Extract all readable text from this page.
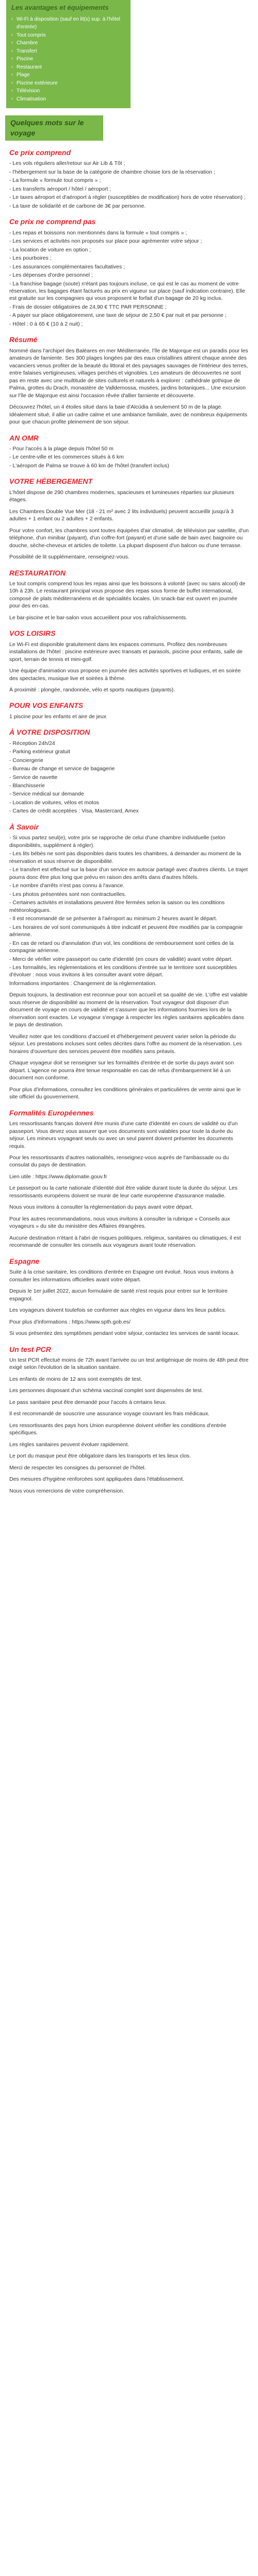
Les avantages et équipements
› Wi-Fi à disposition (sauf en lit(s) sup. à l'hôtel d'entrée)
› Tout compris
› Chambre
› Transfert
› Piscine
› Restaurant
› Plage
› Piscine extérieure
› Télévision
› Climatisation
Quelques mots sur le voyage
Ce prix comprend

- Les vols réguliers aller/retour sur Air Lib & Tôt ;

- l'hébergement sur la base de la catégorie de chambre choisie lors de la réservation ;

- La formule « formule tout compris » ;

- Les transferts aéroport / hôtel / aéroport ;

- Le taxes aéroport et d'aéroport à régler (susceptibles de modification) hors de votre réservation) ;

- La taxe de solidarité et de carbone de 3€ par personne.

Ce prix ne comprend pas

- Les repas et boissons non mentionnés dans la formule « tout compris » ;

- Les services et activités non proposés sur place pour agrémenter votre séjour ;

- La location de voiture en option ;

- Les pourboires ;

- Les assurances complémentaires facultatives ;

- Les dépenses d'ordre personnel ;

- La franchise bagage (soute) n'étant pas toujours incluse, ce qui est le cas au moment de votre réservation, les bagages étant facturés au prix en vigueur sur place (sauf indication contraire). Elle est gratuite sur les compagnies qui vous proposent le forfait d'un bagage de 20 kg inclus.

- Frais de dossier obligatoires de 24,90 € TTC PAR PERSONNE ;

- A payer sur place obligatoirement, une taxe de séjour de 2,50 € par nuit et par personne ;

- Hôtel : 0 à 65 € (10 à 2 nuit) ;

Résumé

Nommé dans l'archipel des Baléares en mer Méditerranée, l'île de Majorque est un paradis pour les amateurs de farniente. Ses 300 plages longées par des eaux cristallines attirent chaque année des vacanciers venus profiter de la beauté du littoral et des paysages sauvages de l'intérieur des terres, entre falaises vertigineuses, villages perchés et vignobles. Les amateurs de découvertes ne sont pas en reste avec une multitude de sites culturels et naturels à explorer : cathédrale gothique de Palma, grottes du Drach, monastère de Valldemossa, musées, jardins botaniques... Une excursion sur l'île de Majorque est ainsi l'occasion rêvée d'allier farniente et découverte.

Découvrez l'hôtel, un 4 étoiles situé dans la baie d'Alcúdia à seulement 50 m de la plage. Idéalement situé, il allie un cadre calme et une ambiance familiale, avec de nombreux équipements pour que chacun profite pleinement de son séjour.

AN OMR

- Pour l'accès à la plage depuis l'hôtel 50 m

- Le centre-ville et les commerces situés à 6 km

- L'aéroport de Palma se trouve à 60 km de l'hôtel (transfert inclus)

VOTRE HÉBERGEMENT

L'hôtel dispose de 290 chambres modernes, spacieuses et lumineuses réparties sur plusieurs étages.

Les Chambres Double Vue Mer (18 - 21 m² avec 2 lits individuels) peuvent accueillir jusqu'à 3 adultes + 1 enfant ou 2 adultes + 2 enfants.

Pour votre confort, les chambres sont toutes équipées d'air climatisé, de télévision par satellite, d'un téléphone, d'un minibar (payant), d'un coffre-fort (payant) et d'une salle de bain avec baignoire ou douche, sèche-cheveux et articles de toilette. La plupart disposent d'un balcon ou d'une terrasse.

Possibilité de lit supplémentaire, renseignez-vous.

RESTAURATION

Le tout compris comprend tous les repas ainsi que les boissons à volonté (avec ou sans alcool) de 10h à 23h. Le restaurant principal vous propose des repas sous forme de buffet international, composé de plats méditerranéens et de spécialités locales. Un snack-bar est ouvert en journée pour des en-cas.

Le bar-piscine et le bar-salon vous accueillent pour vos rafraîchissements.

VOS LOISIRS

Le Wi-Fi est disponible gratuitement dans les espaces communs. Profitez des nombreuses installations de l'hôtel : piscine extérieure avec transats et parasols, piscine pour enfants, salle de sport, terrain de tennis et mini-golf.

Une équipe d'animation vous propose en journée des activités sportives et ludiques, et en soirée des spectacles, musique live et soirées à thème.

À proximité : plongée, randonnée, vélo et sports nautiques (payants).

POUR VOS ENFANTS

1 piscine pour les enfants et aire de jeux

À VOTRE DISPOSITION

- Réception 24h/24

- Parking extérieur gratuit

- Conciergerie

- Bureau de change et service de bagagerie

- Service de navette

- Blanchisserie

- Service médical sur demande

- Location de voitures, vélos et motos

- Cartes de crédit acceptées : Visa, Mastercard, Amex

À Savoir

- Si vous partez seul(e), votre prix se rapproche de celui d'une chambre individuelle (selon disponibilités, supplément à régler).

- Les lits bébés ne sont pas disponibles dans toutes les chambres, à demander au moment de la réservation et sous réserve de disponibilité.

- Le transfert est effectué sur la base d'un service en autocar partagé avec d'autres clients. Le trajet pourra donc être plus long que prévu en raison des arrêts dans d'autres hôtels.

- Le nombre d'arrêts n'est pas connu à l'avance.

- Les photos présentées sont non contractuelles.

- Certaines activités et installations peuvent être fermées selon la saison ou les conditions météorologiques.

- Il est recommandé de se présenter à l'aéroport au minimum 2 heures avant le départ.

- Les horaires de vol sont communiqués à titre indicatif et peuvent être modifiés par la compagnie aérienne.

- En cas de retard ou d'annulation d'un vol, les conditions de remboursement sont celles de la compagnie aérienne.

- Merci de vérifier votre passeport ou carte d'identité (en cours de validité) avant votre départ.

- Les formalités, les réglementations et les conditions d'entrée sur le territoire sont susceptibles d'évoluer : nous vous invitons à les consulter avant votre départ.

Informations importantes : Changement de la réglementation.

Depuis toujours, la destination est reconnue pour son accueil et sa qualité de vie. L'offre est valable sous réserve de disponibilité au moment de la réservation. Tout voyageur doit disposer d'un document de voyage en cours de validité et s'assurer que les informations fournies lors de la réservation sont exactes. Le voyageur s'engage à respecter les règles sanitaires applicables dans le pays de destination.

Veuillez noter que les conditions d'accueil et d'hébergement peuvent varier selon la période du séjour. Les prestations incluses sont celles décrites dans l'offre au moment de la réservation. Les horaires d'ouverture des services peuvent être modifiés sans préavis.

Chaque voyageur doit se renseigner sur les formalités d'entrée et de sortie du pays avant son départ. L'agence ne pourra être tenue responsable en cas de refus d'embarquement lié à un document non conforme.

Pour plus d'informations, consultez les conditions générales et particulières de vente ainsi que le site officiel du gouvernement.

Formalités Européennes

Les ressortissants français doivent être munis d'une carte d'identité en cours de validité ou d'un passeport. Vous devez vous assurer que vos documents sont valables pour toute la durée du séjour. Les mineurs voyageant seuls ou avec un seul parent doivent présenter les documents requis.

Pour les ressortissants d'autres nationalités, renseignez-vous auprès de l'ambassade ou du consulat du pays de destination.

Lien utile : https://www.diplomatie.gouv.fr

Le passeport ou la carte nationale d'identité doit être valide durant toute la durée du séjour. Les ressortissants européens doivent se munir de leur carte européenne d'assurance maladie.

Nous vous invitons à consulter la réglementation du pays avant votre départ.

Pour les autres recommandations, nous vous invitons à consulter la rubrique « Conseils aux voyageurs » du site du ministère des Affaires étrangères.

Aucune destination n'étant à l'abri de risques politiques, religieux, sanitaires ou climatiques, il est recommandé de consulter les conseils aux voyageurs avant toute réservation.

Espagne

Suite à la crise sanitaire, les conditions d'entrée en Espagne ont évolué. Nous vous invitons à consulter les informations officielles avant votre départ.

Depuis le 1er juillet 2022, aucun formulaire de santé n'est requis pour entrer sur le territoire espagnol.

Les voyageurs doivent toutefois se conformer aux règles en vigueur dans les lieux publics.

Pour plus d'informations : https://www.spth.gob.es/

Si vous présentez des symptômes pendant votre séjour, contactez les services de santé locaux.

Un test PCR

Un test PCR effectué moins de 72h avant l'arrivée ou un test antigénique de moins de 48h peut être exigé selon l'évolution de la situation sanitaire.

Les enfants de moins de 12 ans sont exemptés de test.

Les personnes disposant d'un schéma vaccinal complet sont dispensées de test.

Le pass sanitaire peut être demandé pour l'accès à certains lieux.

Il est recommandé de souscrire une assurance voyage couvrant les frais médicaux.

Les ressortissants des pays hors Union européenne doivent vérifier les conditions d'entrée spécifiques.

Les règles sanitaires peuvent évoluer rapidement.

Le port du masque peut être obligatoire dans les transports et les lieux clos.

Merci de respecter les consignes du personnel de l'hôtel.

Des mesures d'hygiène renforcées sont appliquées dans l'établissement.

Nous vous remercions de votre compréhension.
